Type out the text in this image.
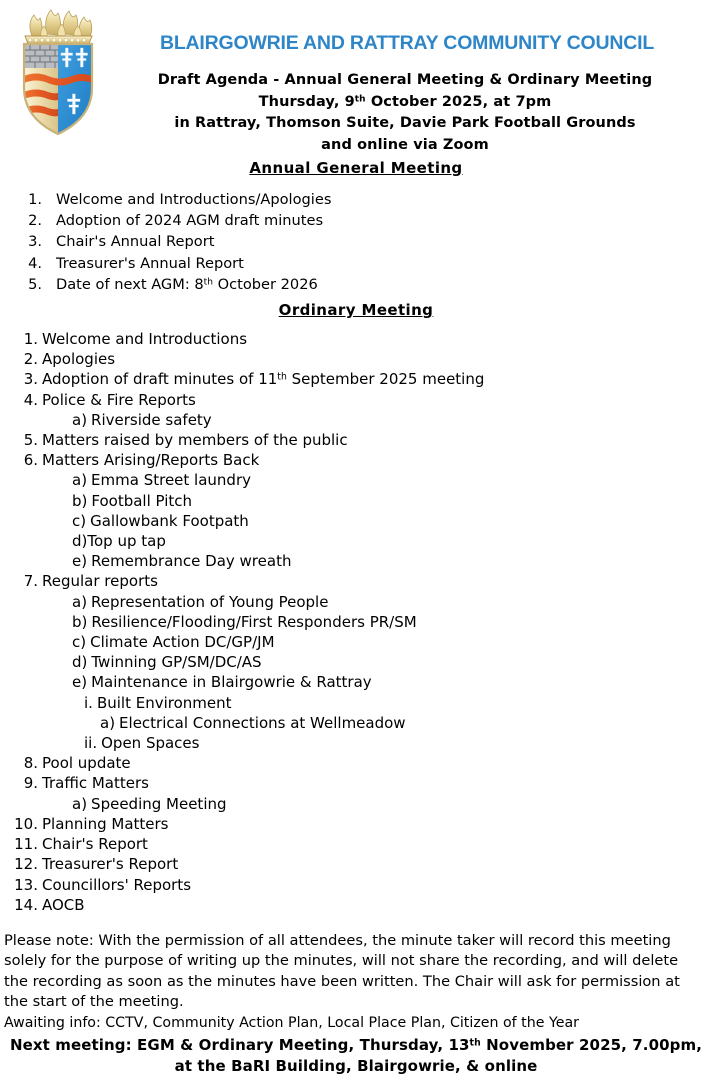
BLAIRGOWRIE AND RATTRAY COMMUNITY COUNCIL
Draft Agenda - Annual General Meeting & Ordinary Meeting
Thursday, 9th October 2025, at 7pm
in Rattray, Thomson Suite, Davie Park Football Grounds
and online via Zoom
Annual General Meeting
1. Welcome and Introductions/Apologies
2. Adoption of 2024 AGM draft minutes
3. Chair's Annual Report
4. Treasurer's Annual Report
5. Date of next AGM: 8th October 2026
Ordinary Meeting
1. Welcome and Introductions
2. Apologies
3. Adoption of draft minutes of 11th September 2025 meeting
4. Police & Fire Reports
a) Riverside safety
5. Matters raised by members of the public
6. Matters Arising/Reports Back
a) Emma Street laundry
b) Football Pitch
c) Gallowbank Footpath
d)Top up tap
e) Remembrance Day wreath
7. Regular reports
a) Representation of Young People
b) Resilience/Flooding/First Responders PR/SM
c) Climate Action DC/GP/JM
d) Twinning GP/SM/DC/AS
e) Maintenance in Blairgowrie & Rattray
i. Built Environment
a) Electrical Connections at Wellmeadow
ii. Open Spaces
8. Pool update
9. Traffic Matters
a) Speeding Meeting
10. Planning Matters
11. Chair's Report
12. Treasurer's Report
13. Councillors' Reports
14. AOCB

Please note: With the permission of all attendees, the minute taker will record this meeting solely for the purpose of writing up the minutes, will not share the recording, and will delete the recording as soon as the minutes have been written. The Chair will ask for permission at the start of the meeting.

Awaiting info: CCTV, Community Action Plan, Local Place Plan, Citizen of the Year

Next meeting: EGM & Ordinary Meeting, Thursday, 13th November 2025, 7.00pm,
at the BaRI Building, Blairgowrie, & online
